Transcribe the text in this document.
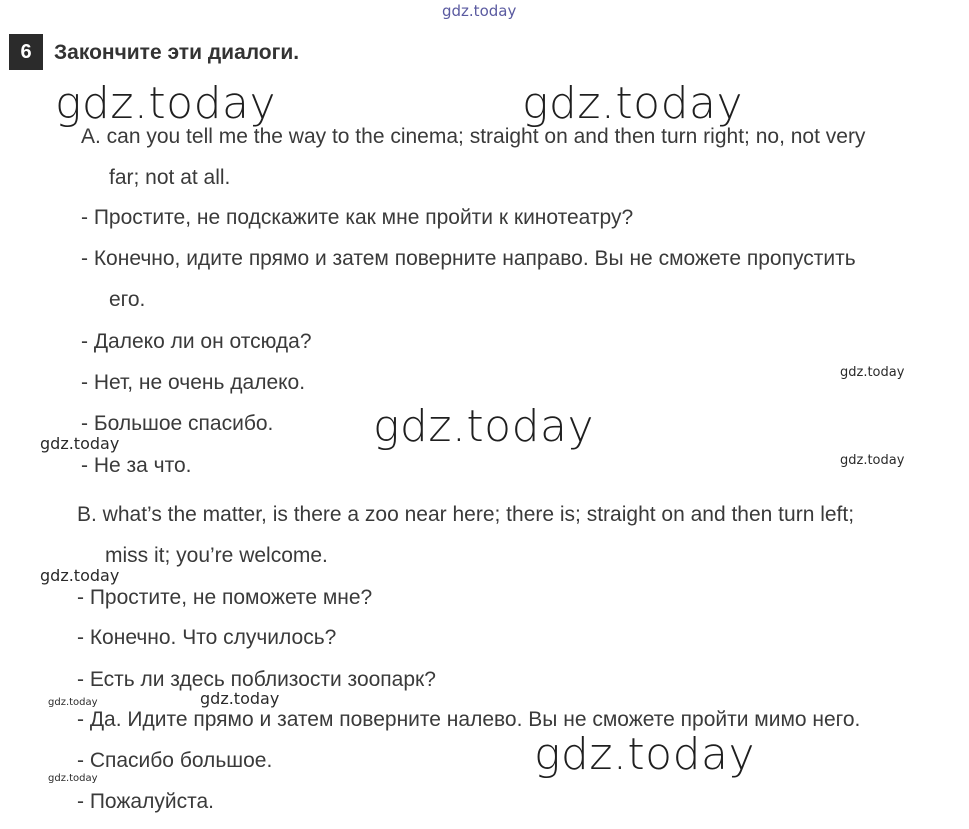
gdz.today
6	Закончите эти диалоги.
gdz.today	gdz.today
gdz.today
gdz.today
gdz.today
gdz.today
gdz.today
gdz.today
gdz.today
gdz.today
gdz.today
A. can you tell me the way to the cinema; straight on and then turn right; no, not very
far; not at all.
- Простите, не подскажите как мне пройти к кинотеатру?
- Конечно, идите прямо и затем поверните направо. Вы не сможете пропустить
его.
- Далеко ли он отсюда?
- Нет, не очень далеко.
- Большое спасибо.
- Не за что.
B. what’s the matter, is there a zoo near here; there is; straight on and then turn left;
miss it; you’re welcome.
- Простите, не поможете мне?
- Конечно. Что случилось?
- Есть ли здесь поблизости зоопарк?
- Да. Идите прямо и затем поверните налево. Вы не сможете пройти мимо него.
- Спасибо большое.
- Пожалуйста.
